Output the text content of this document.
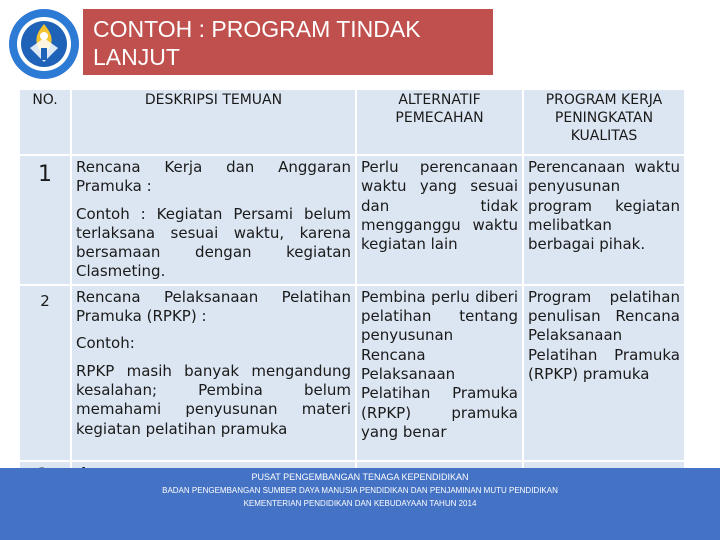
CONTOH : PROGRAM TINDAK LANJUT
NO.	DESKRIPSI TEMUAN	ALTERNATIF PEMECAHAN	PROGRAM KERJA PENINGKATAN KUALITAS
1	Rencana Kerja dan Anggaran Pramuka :

Contoh : Kegiatan Persami belum terlaksana sesuai waktu, karena bersamaan dengan kegiatan Clasmeting.	Perlu perencanaan waktu yang sesuai dan tidak mengganggu waktu kegiatan lain	Perencanaan waktu penyusunan program kegiatan melibatkan berbagai pihak.
2	Rencana Pelaksanaan Pelatihan Pramuka (RPKP) :

Contoh:

RPKP masih banyak mengandung kesalahan; Pembina belum memahami penyusunan materi kegiatan pelatihan pramuka	Pembina perlu diberi pelatihan tentang penyusunan Rencana Pelaksanaan Pelatihan Pramuka (RPKP) pramuka yang benar	Program pelatihan penulisan Rencana Pelaksanaan Pelatihan Pramuka (RPKP) pramuka

PUSAT PENGEMBANGAN TENAGA KEPENDIDIKAN
BADAN PENGEMBANGAN SUMBER DAYA MANUSIA PENDIDIKAN DAN PENJAMINAN MUTU PENDIDIKAN
KEMENTERIAN PENDIDIKAN DAN KEBUDAYAAN TAHUN 2014
